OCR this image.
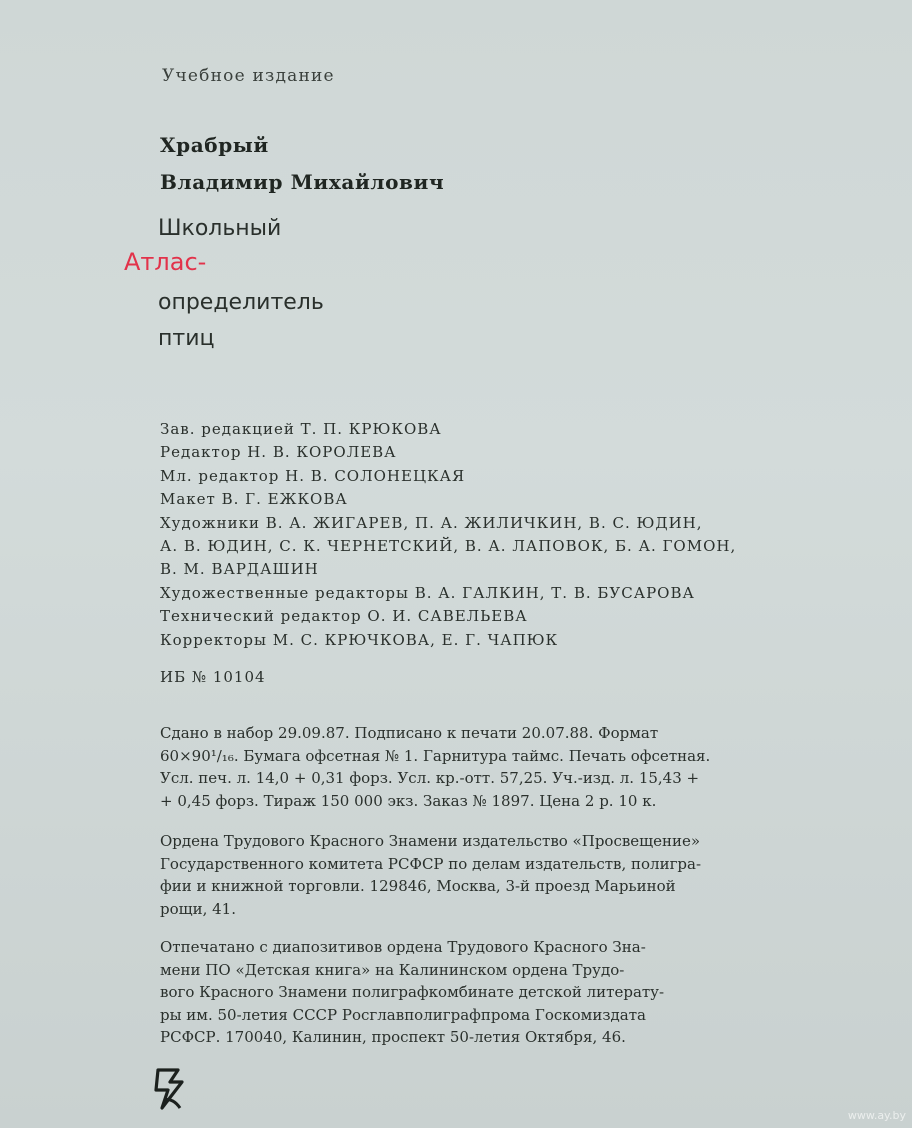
Учебное издание
Храбрый
Владимир Михайлович
Школьный
Атлас-
определитель
птиц
Зав. редакцией Т. П. КРЮКОВА
Редактор Н. В. КОРОЛЕВА
Мл. редактор Н. В. СОЛОНЕЦКАЯ
Макет В. Г. ЕЖКОВА
Художники В. А. ЖИГАРЕВ, П. А. ЖИЛИЧКИН, В. С. ЮДИН,
А. В. ЮДИН, С. К. ЧЕРНЕТСКИЙ, В. А. ЛАПОВОК, Б. А. ГОМОН,
В. М. ВАРДАШИН
Художественные редакторы В. А. ГАЛКИН, Т. В. БУСАРОВА
Технический редактор О. И. САВЕЛЬЕВА
Корректоры М. С. КРЮЧКОВА, Е. Г. ЧАПЮК
ИБ № 10104
Сдано в набор 29.09.87. Подписано к печати 20.07.88. Формат
60×90¹/₁₆. Бумага офсетная № 1. Гарнитура таймс. Печать офсетная.
Усл. печ. л. 14,0 + 0,31 форз. Усл. кр.-отт. 57,25. Уч.-изд. л. 15,43 +
+ 0,45 форз. Тираж 150 000 экз. Заказ № 1897. Цена 2 р. 10 к.
Ордена Трудового Красного Знамени издательство «Просвещение»
Государственного комитета РСФСР по делам издательств, полигра-
фии и книжной торговли. 129846, Москва, 3-й проезд Марьиной
рощи, 41.
Отпечатано с диапозитивов ордена Трудового Красного Зна-
мени ПО «Детская книга» на Калининском ордена Трудо-
вого Красного Знамени полиграфкомбинате детской литерату-
ры им. 50-летия СССР Росглавполиграфпрома Госкомиздата
РСФСР. 170040, Калинин, проспект 50-летия Октября, 46.
www.ay.by
